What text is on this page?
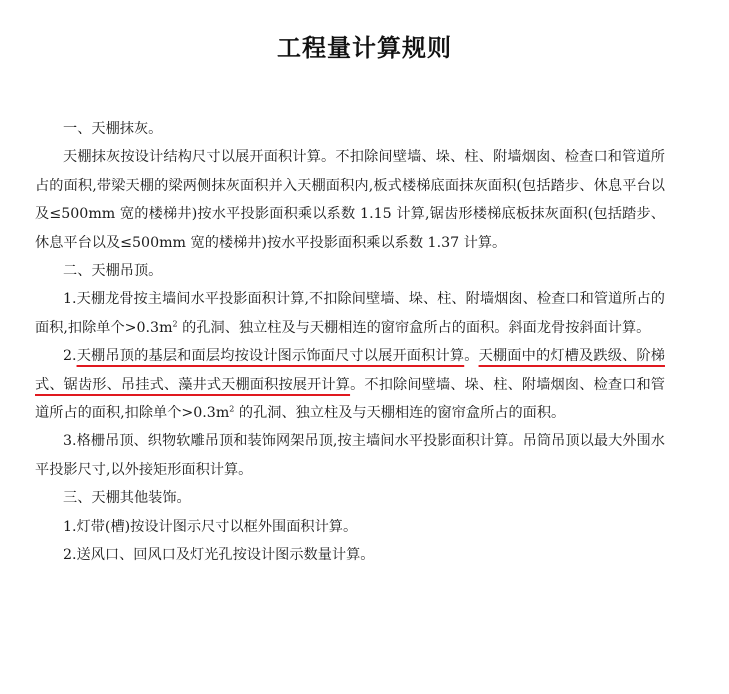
工程量计算规则

一、天棚抹灰。

天棚抹灰按设计结构尺寸以展开面积计算。不扣除间壁墙、垛、柱、附墙烟囱、检查口和管道所占的面积,带梁天棚的梁两侧抹灰面积并入天棚面积内,板式楼梯底面抹灰面积(包括踏步、休息平台以及≤500mm 宽的楼梯井)按水平投影面积乘以系数 1.15 计算,锯齿形楼梯底板抹灰面积(包括踏步、休息平台以及≤500mm 宽的楼梯井)按水平投影面积乘以系数 1.37 计算。

二、天棚吊顶。

1.天棚龙骨按主墙间水平投影面积计算,不扣除间壁墙、垛、柱、附墙烟囱、检查口和管道所占的面积,扣除单个$>0.3m^2$ 的孔洞、独立柱及与天棚相连的窗帘盒所占的面积。斜面龙骨按斜面计算。

2.天棚吊顶的基层和面层均按设计图示饰面尺寸以展开面积计算。天棚面中的灯槽及跌级、阶梯式、锯齿形、吊挂式、藻井式天棚面积按展开计算。不扣除间壁墙、垛、柱、附墙烟囱、检查口和管道所占的面积,扣除单个$>0.3m^2$ 的孔洞、独立柱及与天棚相连的窗帘盒所占的面积。

3.格栅吊顶、织物软雕吊顶和装饰网架吊顶,按主墙间水平投影面积计算。吊筒吊顶以最大外围水平投影尺寸,以外接矩形面积计算。

三、天棚其他装饰。

1.灯带(槽)按设计图示尺寸以框外围面积计算。

2.送风口、回风口及灯光孔按设计图示数量计算。
